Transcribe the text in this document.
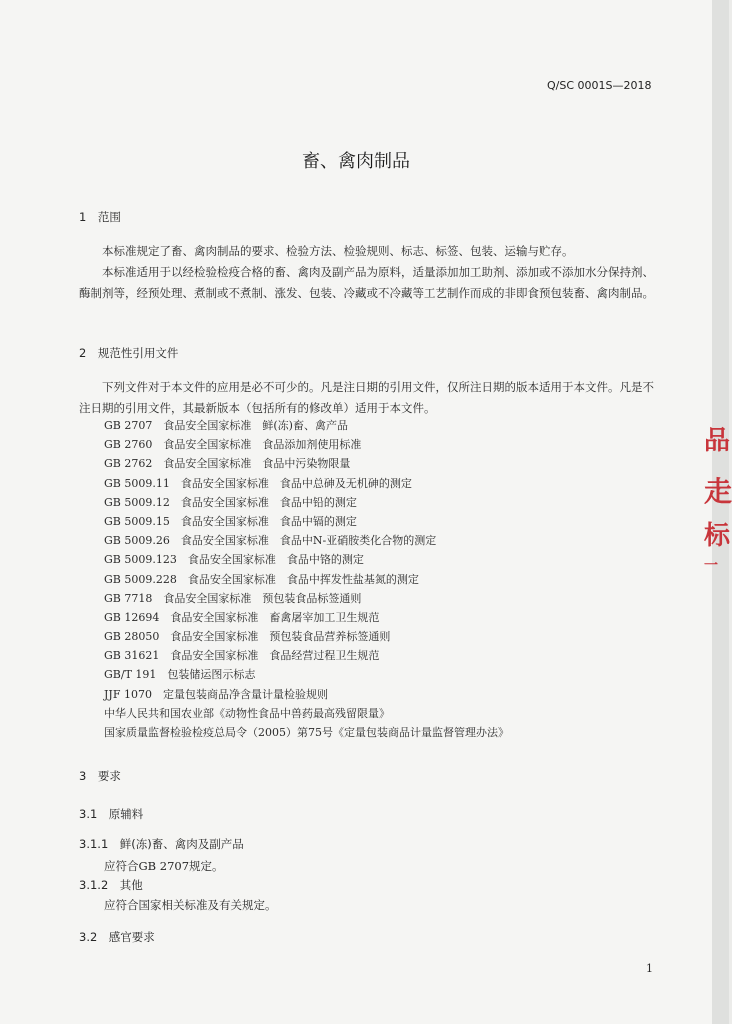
品
走
标
一
Q/SC 0001S—2018
畜、禽肉制品
1　范围

本标准规定了畜、禽肉制品的要求、检验方法、检验规则、标志、标签、包装、运输与贮存。

本标准适用于以经检验检疫合格的畜、禽肉及副产品为原料，适量添加加工助剂、添加或不添加水分保持剂、酶制剂等，经预处理、煮制或不煮制、涨发、包装、冷藏或不冷藏等工艺制作而成的非即食预包装畜、禽肉制品。

2　规范性引用文件

下列文件对于本文件的应用是必不可少的。凡是注日期的引用文件，仅所注日期的版本适用于本文件。凡是不注日期的引用文件，其最新版本（包括所有的修改单）适用于本文件。

GB 2707　食品安全国家标准　鲜(冻)畜、禽产品
GB 2760　食品安全国家标准　食品添加剂使用标准
GB 2762　食品安全国家标准　食品中污染物限量
GB 5009.11　食品安全国家标准　食品中总砷及无机砷的测定
GB 5009.12　食品安全国家标准　食品中铅的测定
GB 5009.15　食品安全国家标准　食品中镉的测定
GB 5009.26　食品安全国家标准　食品中N-亚硝胺类化合物的测定
GB 5009.123　食品安全国家标准　食品中铬的测定
GB 5009.228　食品安全国家标准　食品中挥发性盐基氮的测定
GB 7718　食品安全国家标准　预包装食品标签通则
GB 12694　食品安全国家标准　畜禽屠宰加工卫生规范
GB 28050　食品安全国家标准　预包装食品营养标签通则
GB 31621　食品安全国家标准　食品经营过程卫生规范
GB/T 191　包装储运图示标志
JJF 1070　定量包装商品净含量计量检验规则
中华人民共和国农业部《动物性食品中兽药最高残留限量》
国家质量监督检验检疫总局令（2005）第75号《定量包装商品计量监督管理办法》
3　要求
3.1　原辅料
3.1.1　鲜(冻)畜、禽肉及副产品
应符合GB 2707规定。
3.1.2　其他
应符合国家相关标准及有关规定。
3.2　感官要求
1
